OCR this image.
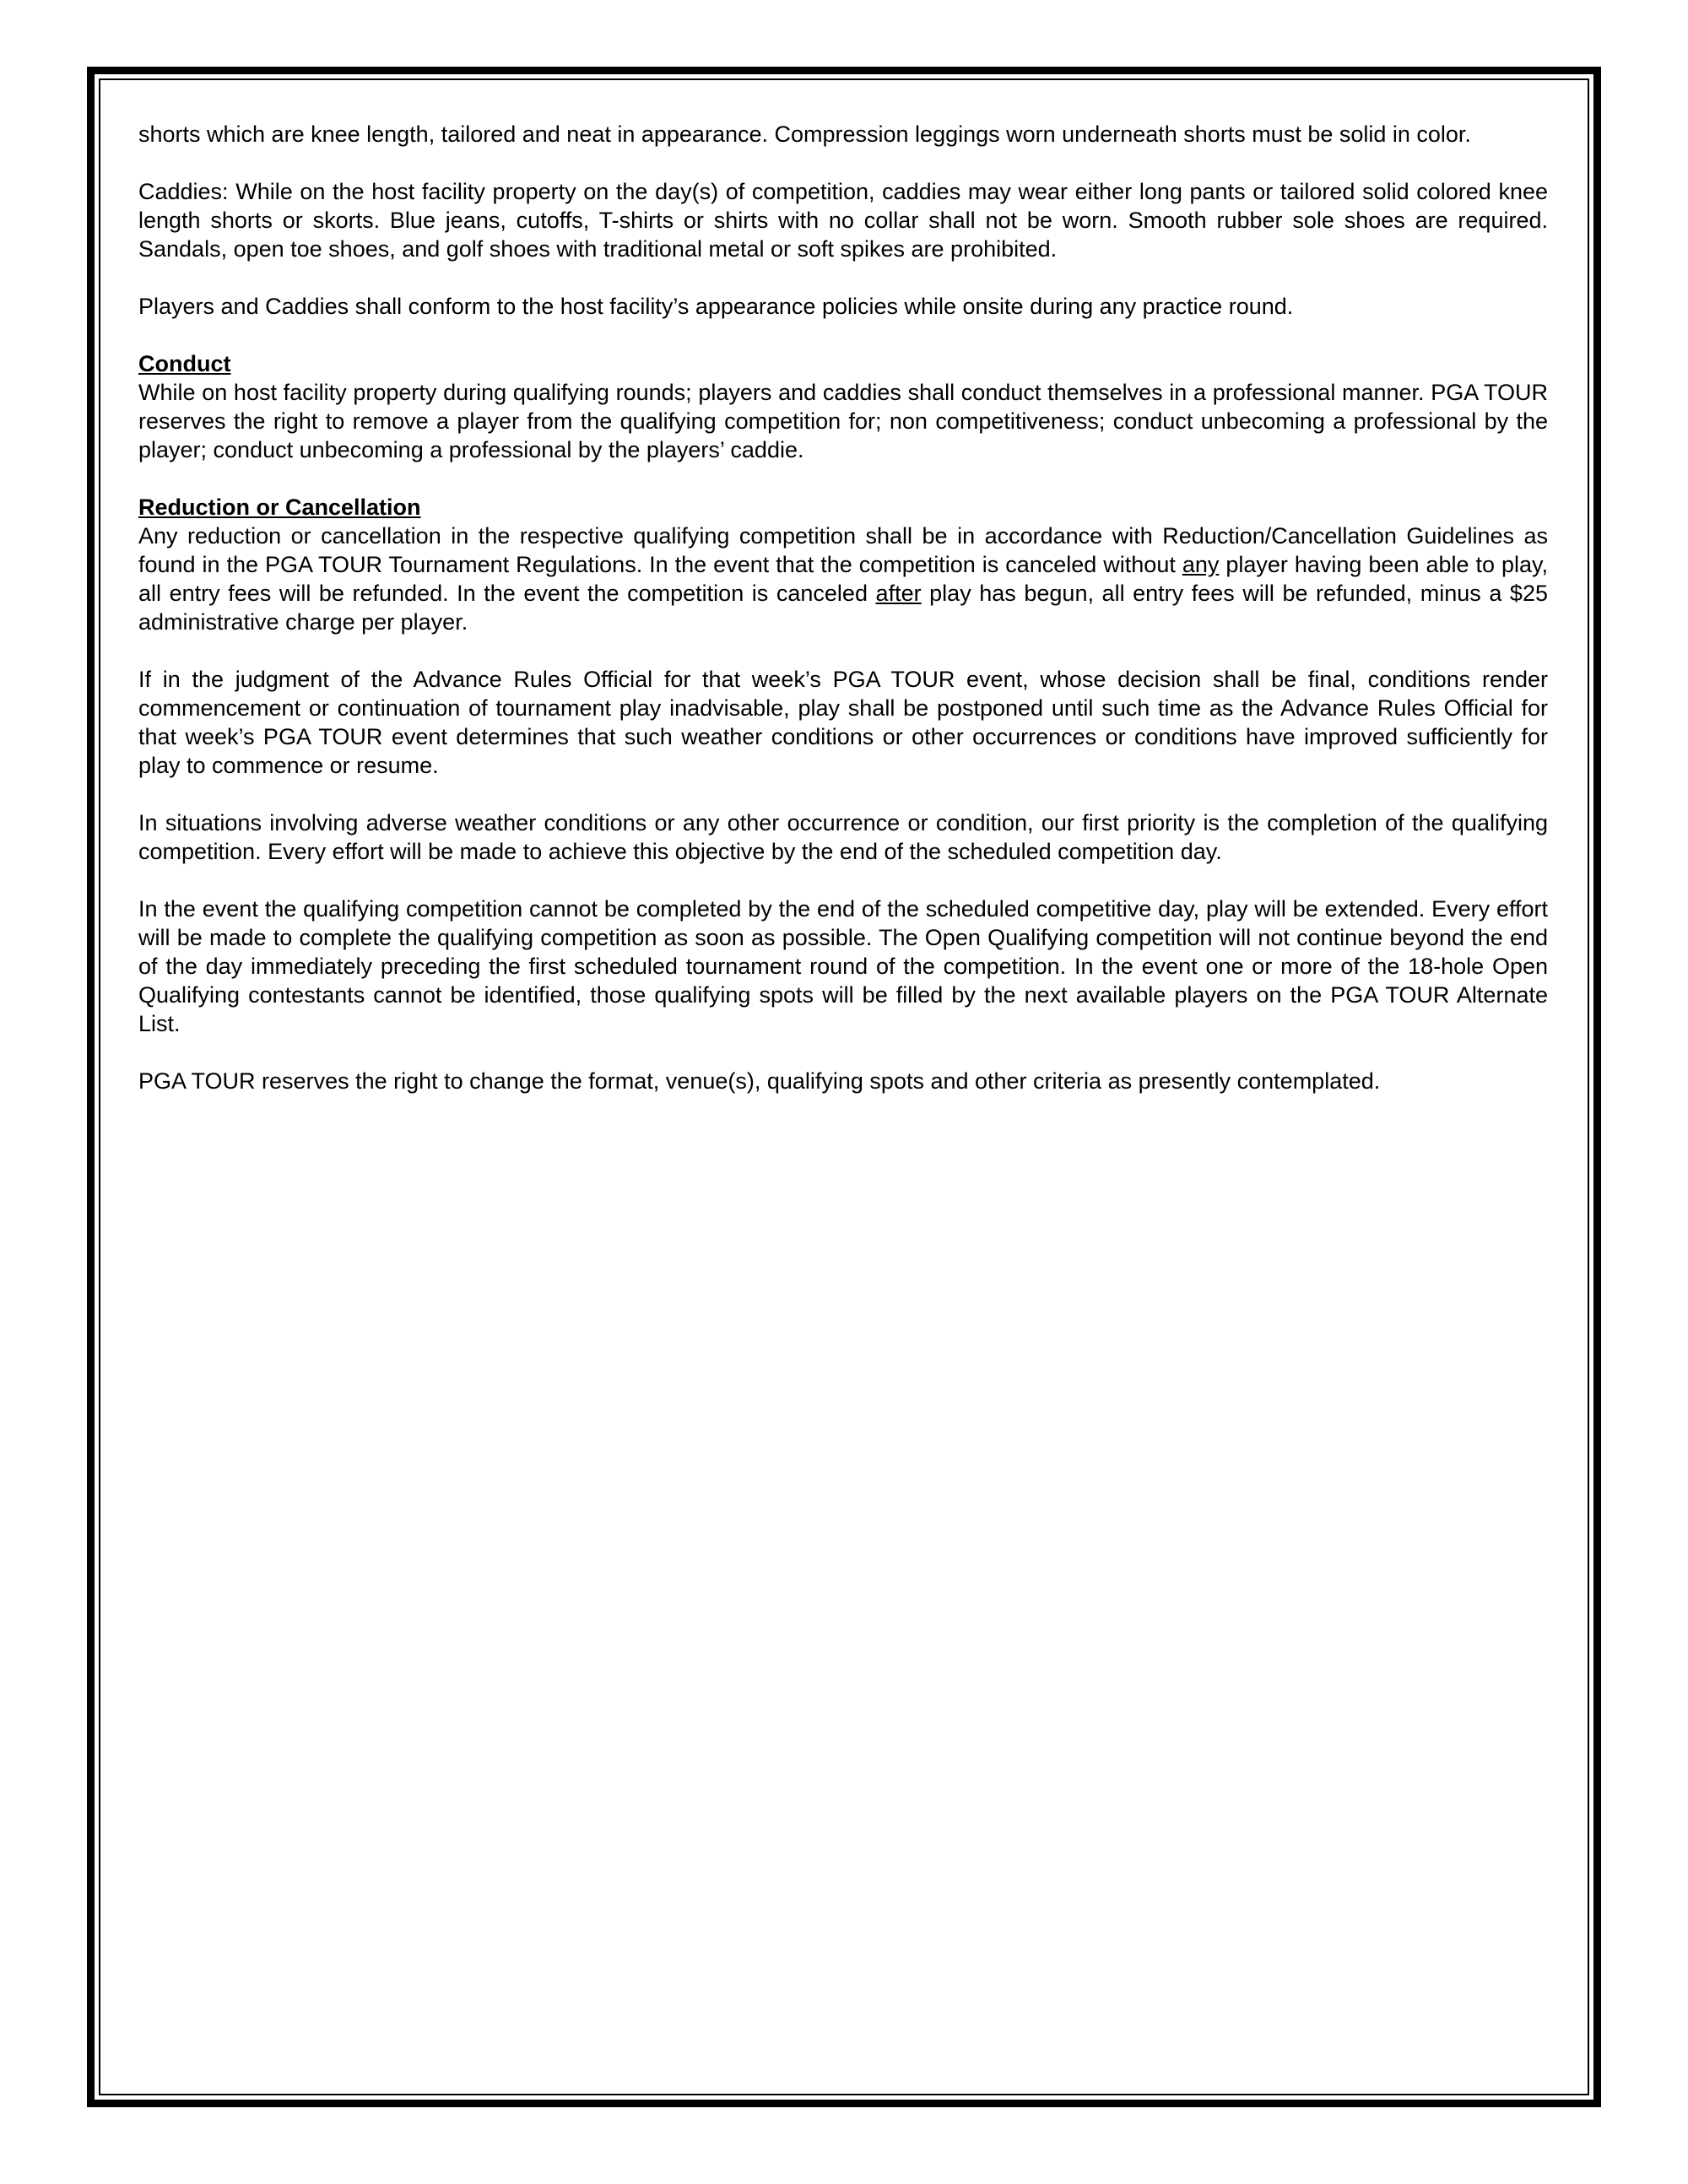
shorts which are knee length, tailored and neat in appearance. Compression leggings worn underneath shorts must be solid in color.

Caddies: While on the host facility property on the day(s) of competition, caddies may wear either long pants or tailored solid colored knee length shorts or skorts. Blue jeans, cutoffs, T-shirts or shirts with no collar shall not be worn. Smooth rubber sole shoes are required. Sandals, open toe shoes, and golf shoes with traditional metal or soft spikes are prohibited.

Players and Caddies shall conform to the host facility’s appearance policies while onsite during any practice round.

Conduct

While on host facility property during qualifying rounds; players and caddies shall conduct themselves in a professional manner. PGA TOUR reserves the right to remove a player from the qualifying competition for; non competitiveness; conduct unbecoming a professional by the player; conduct unbecoming a professional by the players’ caddie.

Reduction or Cancellation

Any reduction or cancellation in the respective qualifying competition shall be in accordance with Reduction/Cancellation Guidelines as found in the PGA TOUR Tournament Regulations. In the event that the competition is canceled without any player having been able to play, all entry fees will be refunded. In the event the competition is canceled after play has begun, all entry fees will be refunded, minus a $25 administrative charge per player.

If in the judgment of the Advance Rules Official for that week’s PGA TOUR event, whose decision shall be final, conditions render commencement or continuation of tournament play inadvisable, play shall be postponed until such time as the Advance Rules Official for that week’s PGA TOUR event determines that such weather conditions or other occurrences or conditions have improved sufficiently for play to commence or resume.

In situations involving adverse weather conditions or any other occurrence or condition, our first priority is the completion of the qualifying competition. Every effort will be made to achieve this objective by the end of the scheduled competition day.

In the event the qualifying competition cannot be completed by the end of the scheduled competitive day, play will be extended. Every effort will be made to complete the qualifying competition as soon as possible. The Open Qualifying competition will not continue beyond the end of the day immediately preceding the first scheduled tournament round of the competition. In the event one or more of the 18-hole Open Qualifying contestants cannot be identified, those qualifying spots will be filled by the next available players on the PGA TOUR Alternate List.

PGA TOUR reserves the right to change the format, venue(s), qualifying spots and other criteria as presently contemplated.
